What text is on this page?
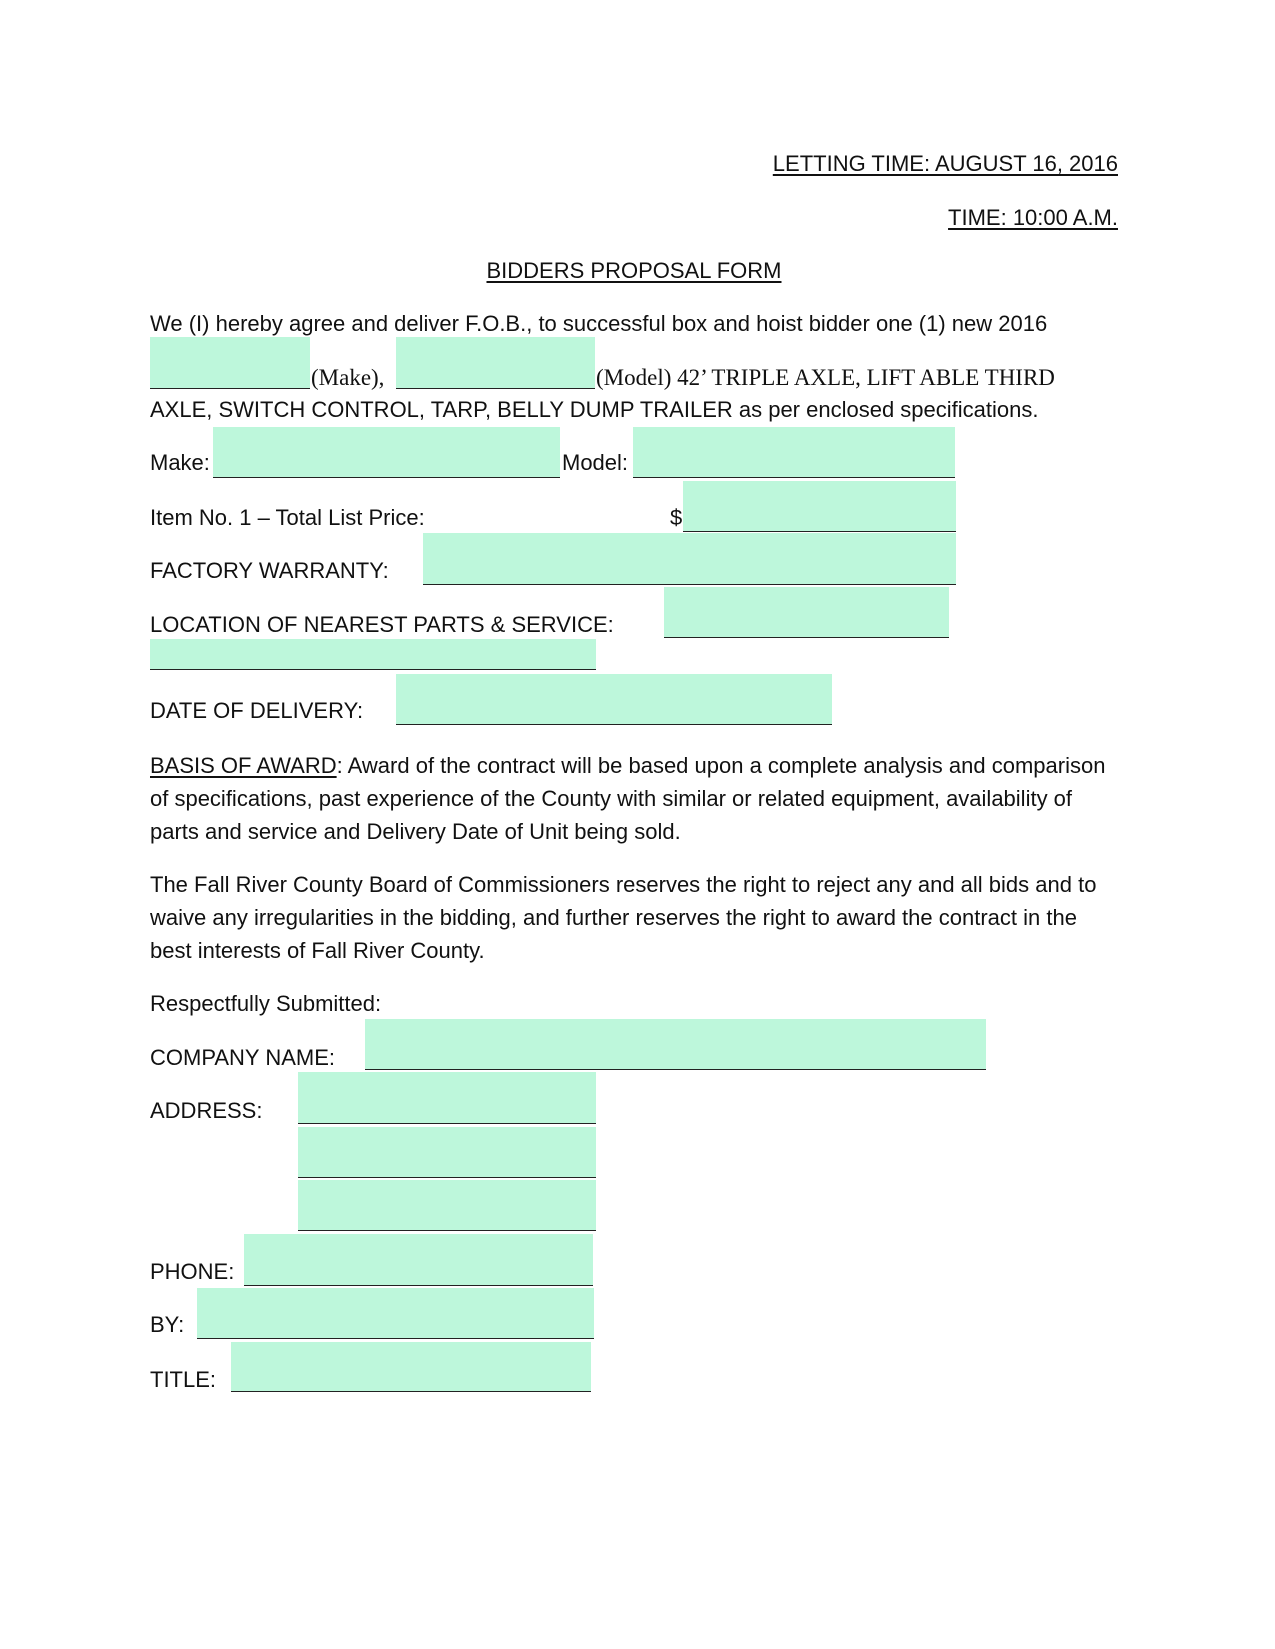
LETTING TIME: AUGUST 16, 2016
TIME: 10:00 A.M.
BIDDERS PROPOSAL FORM
We (I) hereby agree and deliver F.O.B., to successful box and hoist bidder one (1) new 2016
(Make),	(Model) 42’ TRIPLE AXLE, LIFT ABLE THIRD
AXLE, SWITCH CONTROL, TARP, BELLY DUMP TRAILER as per enclosed specifications.
Make:	Model:
Item No. 1 – Total List Price:	$
FACTORY WARRANTY:
LOCATION OF NEAREST PARTS & SERVICE:
DATE OF DELIVERY:
BASIS OF AWARD: Award of the contract will be based upon a complete analysis and comparison of specifications, past experience of the County with similar or related equipment, availability of parts and service and Delivery Date of Unit being sold.
The Fall River County Board of Commissioners reserves the right to reject any and all bids and to waive any irregularities in the bidding, and further reserves the right to award the contract in the best interests of Fall River County.
Respectfully Submitted:
COMPANY NAME:
ADDRESS:
PHONE:
BY:
TITLE:
